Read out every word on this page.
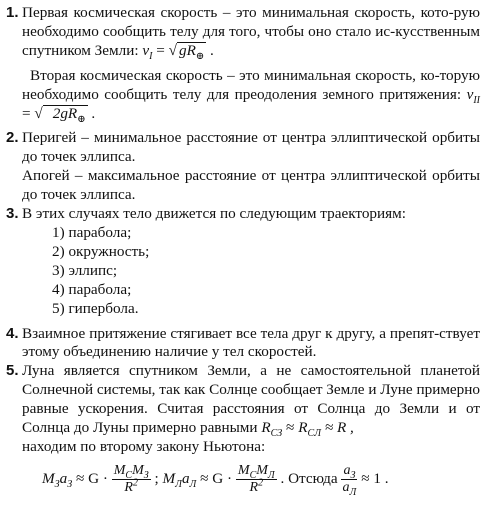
1. Первая космическая скорость – это минимальная скорость, кото-рую необходимо сообщить телу для того, чтобы оно стало ис-кусственным спутником Земли: $v_I$ = √ $gR_\oplus$ .
Вторая космическая скорость – это минимальная скорость, ко-торую необходимо сообщить телу для преодоления земного притяжения: $v_{II}$ = √ $2gR_\oplus$ .
2. Перигей – минимальное расстояние от центра эллиптической орбиты до точек эллипса.
Апогей – максимальное расстояние от центра эллиптической орбиты до точек эллипса.
3. В этих случаях тело движется по следующим траекториям:
1) парабола;
2) окружность;
3) эллипс;
4) парабола;
5) гипербола.
4. Взаимное притяжение стягивает все тела друг к другу, а препят-ствует этому объединению наличие у тел скоростей.
5. Луна является спутником Земли, а не самостоятельной планетой Солнечной системы, так как Солнце сообщает Земле и Луне примерно равные ускорения. Считая расстояния от Солнца до Земли и от Солнца до Луны примерно равными $R_{СЗ} \approx R_{СЛ} \approx R$ ,
находим по второму закону Ньютона:
$M_Зa_З \approx G \cdot \frac{M_СM_З}{R^2}$ ; $M_Лa_Л \approx G \cdot \frac{M_СM_Л}{R^2}$ . Отсюда $\frac{a_З}{a_Л} \approx 1$ .
